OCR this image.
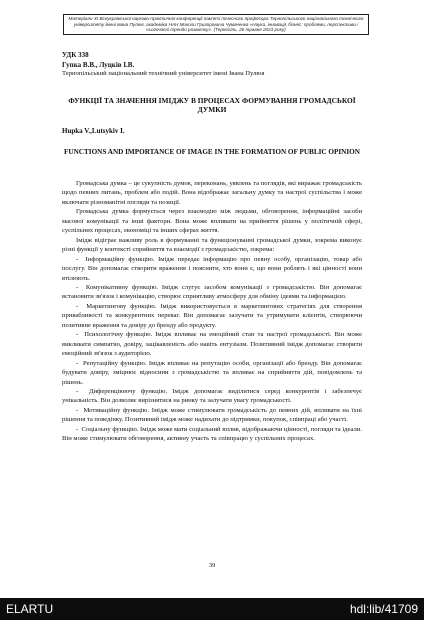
Матеріали XI Всеукраїнської науково-практичної конференції пам'яті почесного професора Тернопільського національного технічного університету імені Івана Пулюя, академіка НАН Миколи Григоровича Чумаченка «Наука, інновації, бізнес: проблеми, перспективи і сьогочасні тренди розвитку». (Тернопіль, 26 травня 2023 року)
УДК 338
Гупка В.В., Луцків І.В.
Тернопільський національний технічний університет імені Івана Пулюя
ФУНКЦІЇ ТА ЗНАЧЕННЯ ІМІДЖУ В ПРОЦЕСАХ ФОРМУВАННЯ ГРОМАДСЬКОЇ ДУМКИ
Hupka V.,Lutsykiv I.
FUNCTIONS AND IMPORTANCE OF IMAGE IN THE FORMATION OF PUBLIC OPINION

Громадська думка – це сукупність думок, переконань, уявлень та поглядів, які виражає громадськість щодо певних питань, проблем або подій. Вона відображає загальну думку та настрої суспільства і може включати різноманітні погляди та позиції.

Громадська думка формується через взаємодію між людьми, обговорення, інформаційні засоби масової комунікації та інші фактори. Вона може впливати на прийняття рішень у політичній сфері, суспільних процесах, економіці та інших сферах життя.

Імідж відіграє важливу роль в формуванні та функціонуванні громадської думки, зокрема виконує різні функції у контексті сприйняття та взаємодії з громадськістю, зокрема:

-  Інформаційну функцію. Імідж передає інформацію про певну особу, організацію, товар або послугу. Він допомагає створити враження і пояснити, хто вони є, що вони роблять і які цінності вони втілюють.

-  Комунікативну функцію. Імідж слугує засобом комунікації з громадськістю. Він допомагає встановити зв'язок і комунікацію, створює сприятливу атмосферу для обміну ідеями та інформацією.

-  Маркетингову функцію. Імідж використовується в маркетингових стратегіях для створення привабливості та конкурентних переваг. Він допомагає залучати та утримувати клієнтів, створюючи позитивне враження та довіру до бренду або продукту.

-  Психологічну функцію. Імідж впливає на емоційний стан та настрої громадськості. Він може викликати симпатію, довіру, зацікавленість або навіть ентузіазм. Позитивний імідж допомагає створити емоційний зв'язок з аудиторією.

-  Репутаційну функцію. Імідж впливає на репутацію особи, організації або бренду. Він допомагає будувати довіру, зміцнює відносини з громадськістю та впливає на сприйняття дій, повідомлень та рішень.

-  Диференціюючу функцію. Імідж допомагає виділитися серед конкурентів і забезпечує унікальність. Він дозволяє вирізнятися на ринку та залучати увагу громадськості.

-  Мотиваційну функцію. Імідж може стимулювати громадськість до певних дій, впливати на їхні рішення та поведінку. Позитивний імідж може надихати до підтримки, покупок, співпраці або участі.

-  Соціальну функцію. Імідж може мати соціальний вплив, відображаючи цінності, погляди та ідеали. Він може стимулювати обговорення, активну участь та співпрацю у суспільних процесах.

39
ELARTU	hdl:lib/41709
